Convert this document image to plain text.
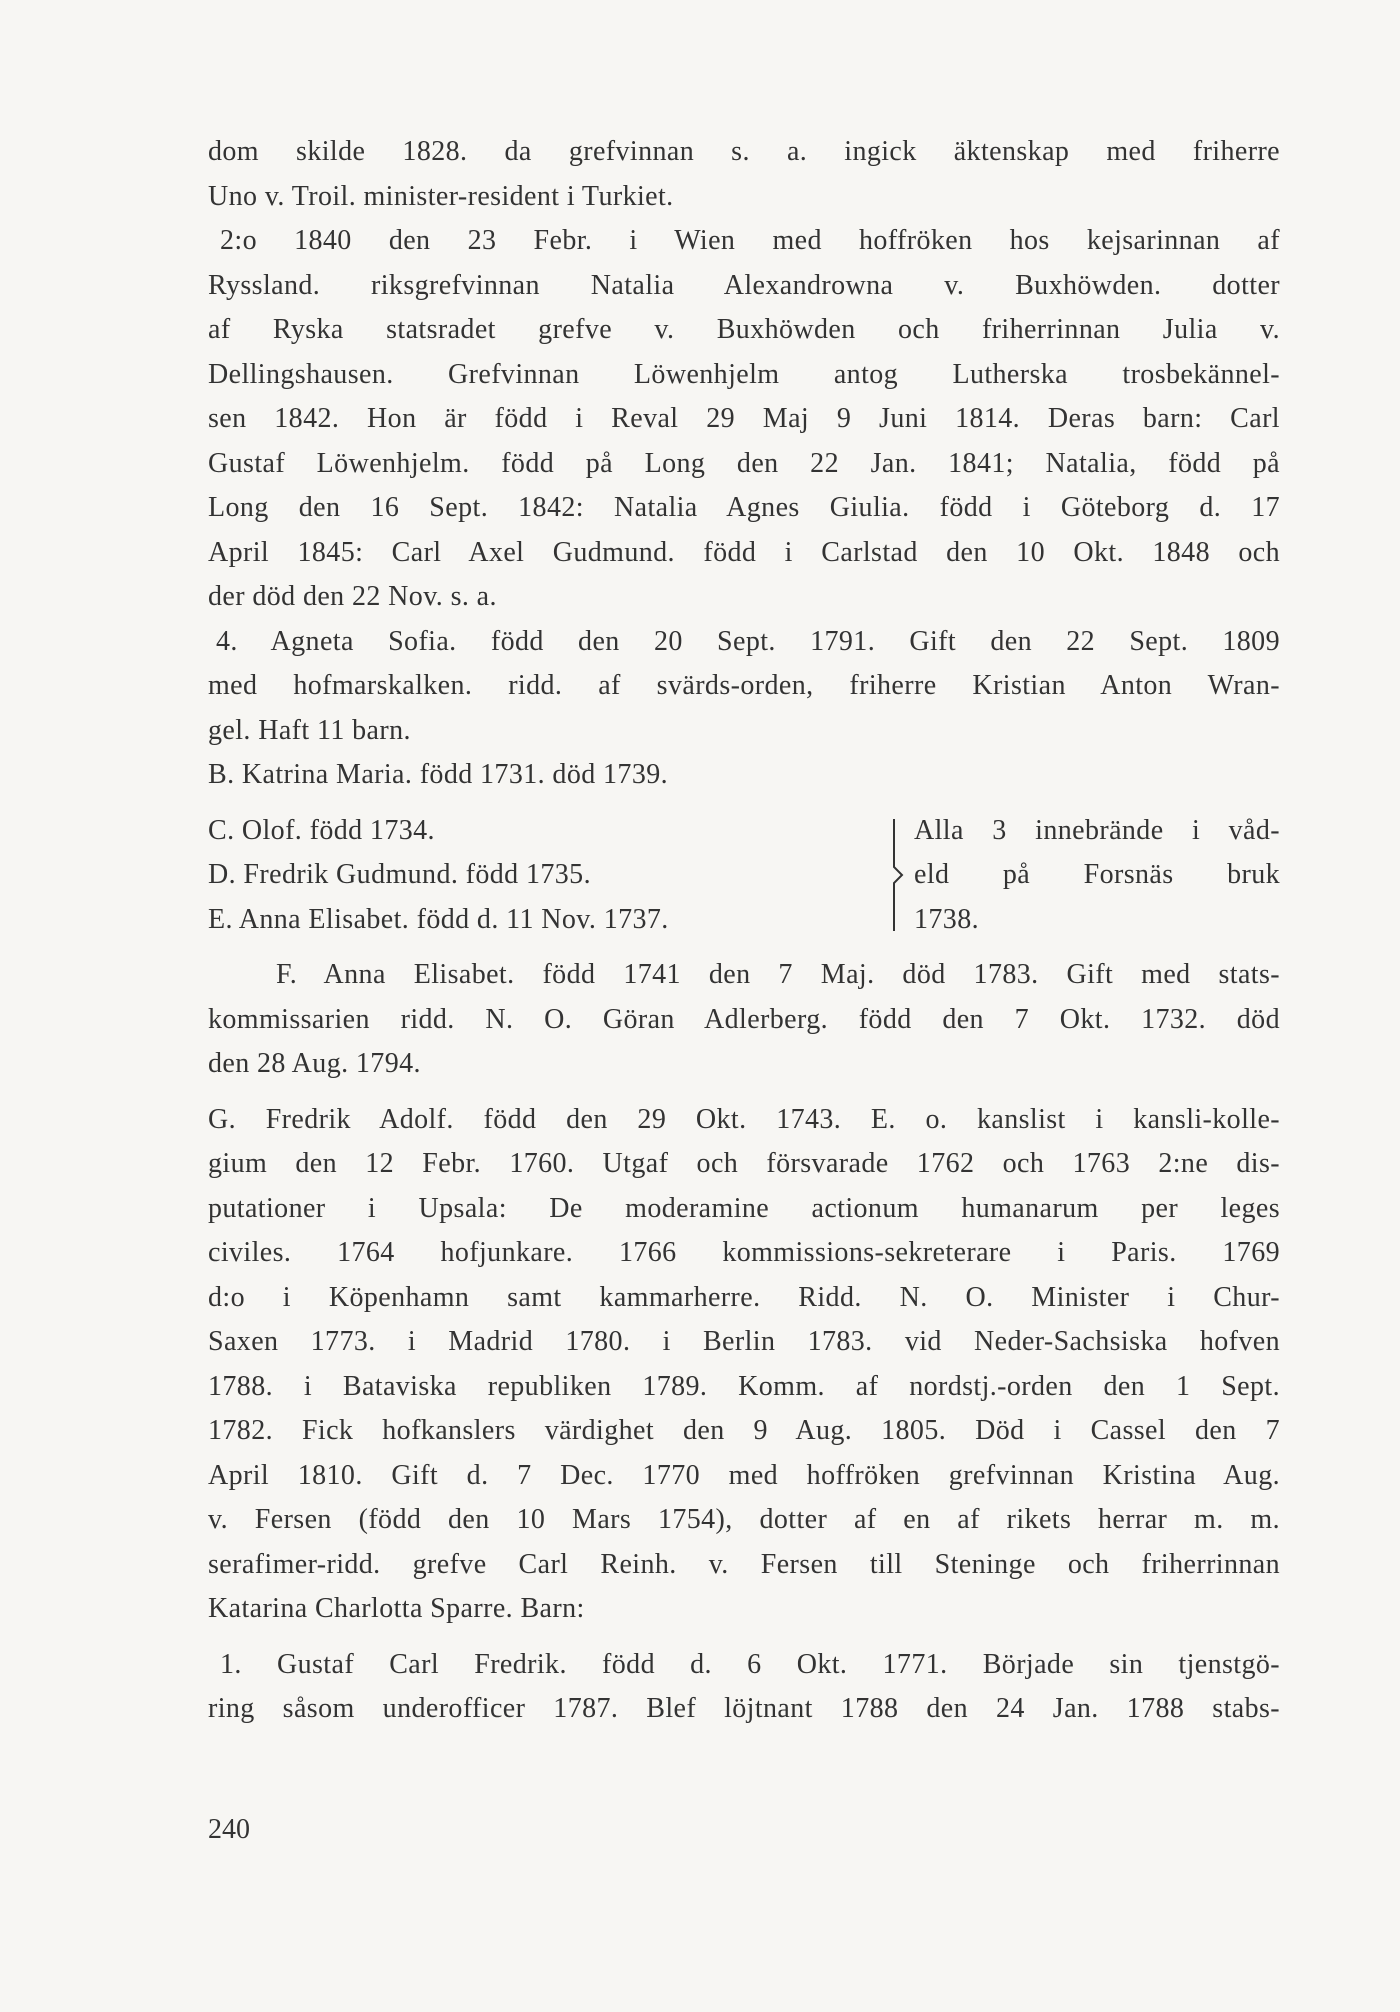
dom skilde 1828. da grefvinnan s. a. ingick äktenskap med friherre
Uno v. Troil. minister-resident i Turkiet.
2:o 1840 den 23 Febr. i Wien med hoffröken hos kejsarinnan af
Ryssland. riksgrefvinnan Natalia Alexandrowna v. Buxhöwden. dotter
af Ryska statsradet grefve v. Buxhöwden och friherrinnan Julia v.
Dellingshausen. Grefvinnan Löwenhjelm antog Lutherska trosbekännel-
sen 1842. Hon är född i Reval 29 Maj 9 Juni 1814. Deras barn: Carl
Gustaf Löwenhjelm. född på Long den 22 Jan. 1841; Natalia, född på
Long den 16 Sept. 1842: Natalia Agnes Giulia. född i Göteborg d. 17
April 1845: Carl Axel Gudmund. född i Carlstad den 10 Okt. 1848 och
der död den 22 Nov. s. a.
4. Agneta Sofia. född den 20 Sept. 1791. Gift den 22 Sept. 1809
med hofmarskalken. ridd. af svärds-orden, friherre Kristian Anton Wran-
gel. Haft 11 barn.
B. Katrina Maria. född 1731. död 1739.
C. Olof. född 1734.
D. Fredrik Gudmund. född 1735.
E. Anna Elisabet. född d. 11 Nov. 1737.
Alla 3 innebrände i våd-
eld på Forsnäs bruk
1738.
F. Anna Elisabet. född 1741 den 7 Maj. död 1783. Gift med stats-
kommissarien ridd. N. O. Göran Adlerberg. född den 7 Okt. 1732. död
den 28 Aug. 1794.
G. Fredrik Adolf. född den 29 Okt. 1743. E. o. kanslist i kansli-kolle-
gium den 12 Febr. 1760. Utgaf och försvarade 1762 och 1763 2:ne dis-
putationer i Upsala: De moderamine actionum humanarum per leges
civiles. 1764 hofjunkare. 1766 kommissions-sekreterare i Paris. 1769
d:o i Köpenhamn samt kammarherre. Ridd. N. O. Minister i Chur-
Saxen 1773. i Madrid 1780. i Berlin 1783. vid Neder-Sachsiska hofven
1788. i Bataviska republiken 1789. Komm. af nordstj.-orden den 1 Sept.
1782. Fick hofkanslers värdighet den 9 Aug. 1805. Död i Cassel den 7
April 1810. Gift d. 7 Dec. 1770 med hoffröken grefvinnan Kristina Aug.
v. Fersen (född den 10 Mars 1754), dotter af en af rikets herrar m. m.
serafimer-ridd. grefve Carl Reinh. v. Fersen till Steninge och friherrinnan
Katarina Charlotta Sparre. Barn:
1. Gustaf Carl Fredrik. född d. 6 Okt. 1771. Började sin tjenstgö-
ring såsom underofficer 1787. Blef löjtnant 1788 den 24 Jan. 1788 stabs-
240
